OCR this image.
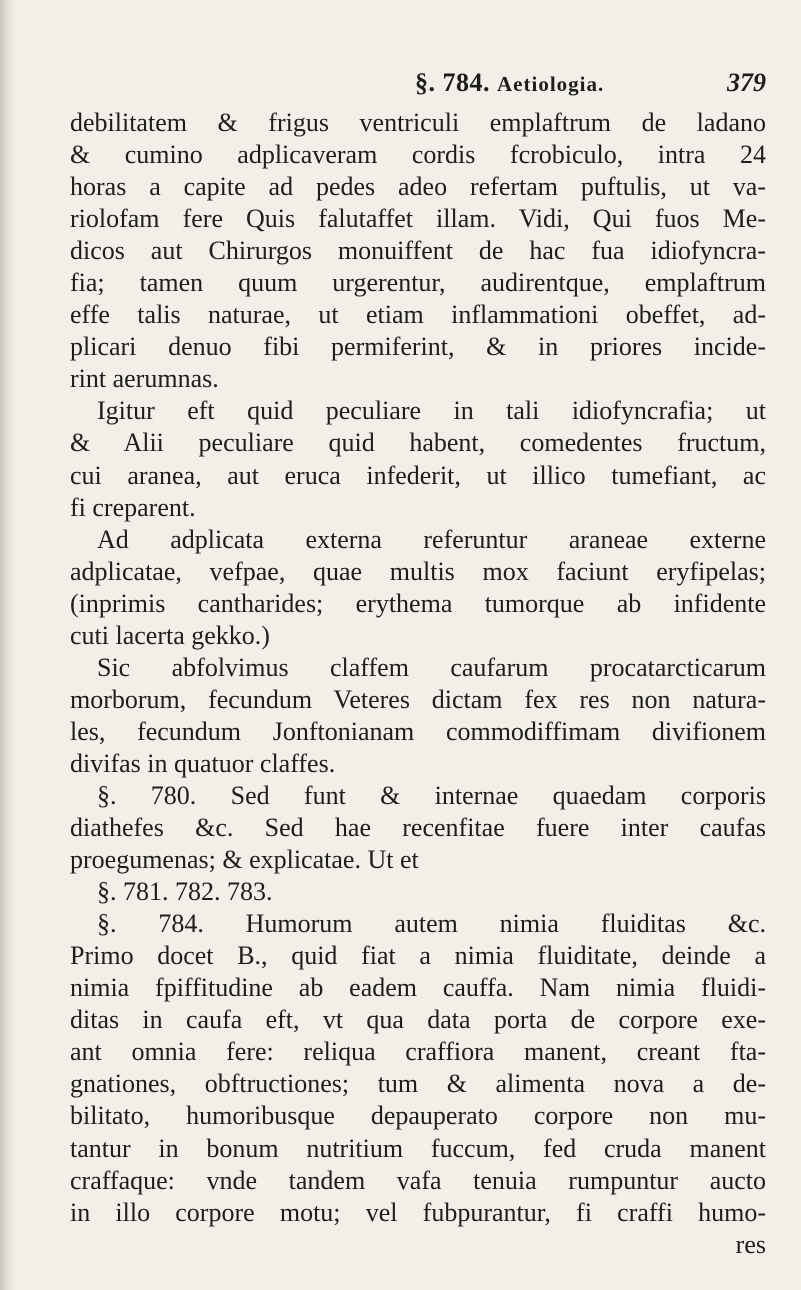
§. 784. Aetiologia.	379
debilitatem & frigus ventriculi emplaftrum de ladano
& cumino adplicaveram cordis fcrobiculo, intra 24
horas a capite ad pedes adeo refertam puftulis, ut va-
riolofam fere Quis falutaffet illam. Vidi, Qui fuos Me-
dicos aut Chirurgos monuiffent de hac fua idiofyncra-
fia; tamen quum urgerentur, audirentque, emplaftrum
effe talis naturae, ut etiam inflammationi obeffet, ad-
plicari denuo fibi permiferint, & in priores incide-
rint aerumnas.
Igitur eft quid peculiare in tali idiofyncrafia; ut
& Alii peculiare quid habent, comedentes fructum,
cui aranea, aut eruca infederit, ut illico tumefiant, ac
fi creparent.
Ad adplicata externa referuntur araneae externe
adplicatae, vefpae, quae multis mox faciunt eryfipelas;
(inprimis cantharides; erythema tumorque ab infidente
cuti lacerta gekko.)
Sic abfolvimus claffem caufarum procatarcticarum
morborum, fecundum Veteres dictam fex res non natura-
les, fecundum Jonftonianam commodiffimam divifionem
divifas in quatuor claffes.
§. 780. Sed funt & internae quaedam corporis
diathefes &c. Sed hae recenfitae fuere inter caufas
proegumenas; & explicatae. Ut et
§. 781. 782. 783.
§. 784. Humorum autem nimia fluiditas &c.
Primo docet B., quid fiat a nimia fluiditate, deinde a
nimia fpiffitudine ab eadem cauffa. Nam nimia fluidi-
ditas in caufa eft, vt qua data porta de corpore exe-
ant omnia fere: reliqua craffiora manent, creant fta-
gnationes, obftructiones; tum & alimenta nova a de-
bilitato, humoribusque depauperato corpore non mu-
tantur in bonum nutritium fuccum, fed cruda manent
craffaque: vnde tandem vafa tenuia rumpuntur aucto
in illo corpore motu; vel fubpurantur, fi craffi humo-
res
